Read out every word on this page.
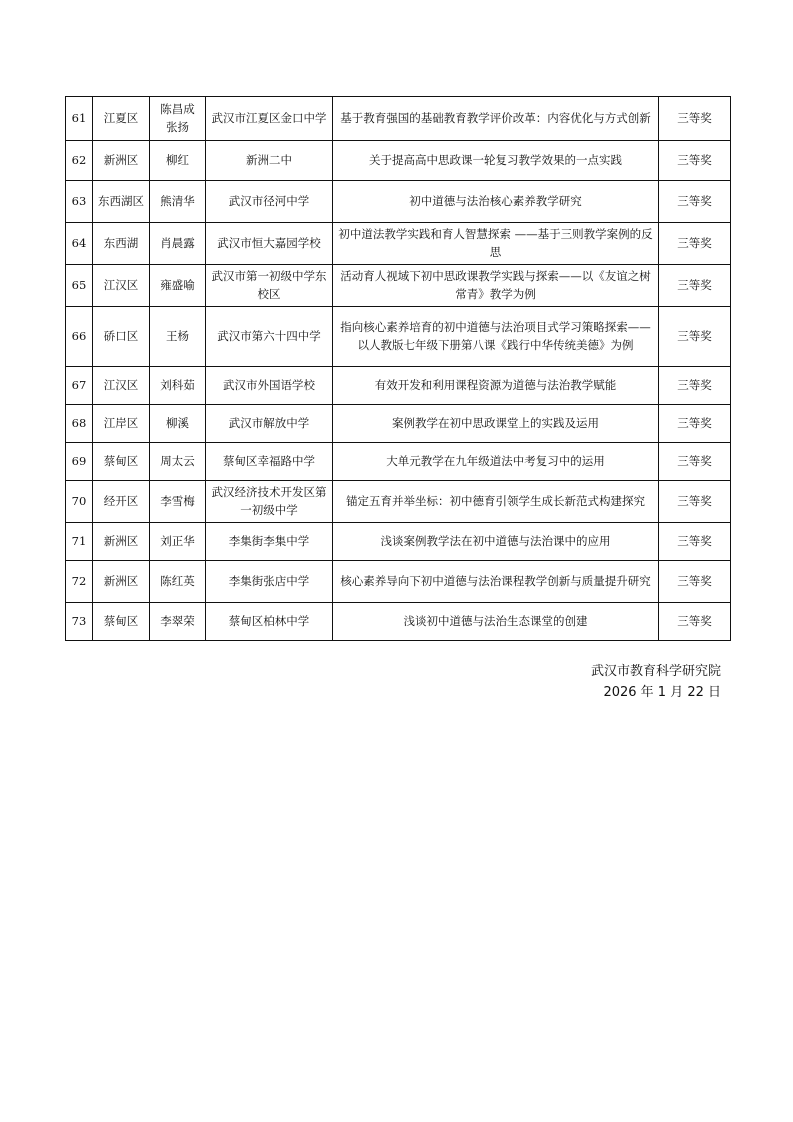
61	江夏区	陈昌成 张扬	武汉市江夏区金口中学	基于教育强国的基础教育教学评价改革：内容优化与方式创新	三等奖
62	新洲区	柳红	新洲二中	关于提高高中思政课一轮复习教学效果的一点实践	三等奖
63	东西湖区	熊清华	武汉市径河中学	初中道德与法治核心素养教学研究	三等奖
64	东西湖	肖晨露	武汉市恒大嘉园学校	初中道法教学实践和育人智慧探索 ——基于三则教学案例的反思	三等奖
65	江汉区	雍盛喻	武汉市第一初级中学东校区	活动育人视域下初中思政课教学实践与探索——以《友谊之树常青》教学为例	三等奖
66	硚口区	王杨	武汉市第六十四中学	指向核心素养培育的初中道德与法治项目式学习策略探索——以人教版七年级下册第八课《践行中华传统美德》为例	三等奖
67	江汉区	刘科茹	武汉市外国语学校	有效开发和利用课程资源为道德与法治教学赋能	三等奖
68	江岸区	柳溪	武汉市解放中学	案例教学在初中思政课堂上的实践及运用	三等奖
69	蔡甸区	周太云	蔡甸区幸福路中学	大单元教学在九年级道法中考复习中的运用	三等奖
70	经开区	李雪梅	武汉经济技术开发区第一初级中学	锚定五育并举坐标：初中德育引领学生成长新范式构建探究	三等奖
71	新洲区	刘正华	李集街李集中学	浅谈案例教学法在初中道德与法治课中的应用	三等奖
72	新洲区	陈红英	李集街张店中学	核心素养导向下初中道德与法治课程教学创新与质量提升研究	三等奖
73	蔡甸区	李翠荣	蔡甸区柏林中学	浅谈初中道德与法治生态课堂的创建	三等奖
武汉市教育科学研究院
2026 年 1 月 22 日
